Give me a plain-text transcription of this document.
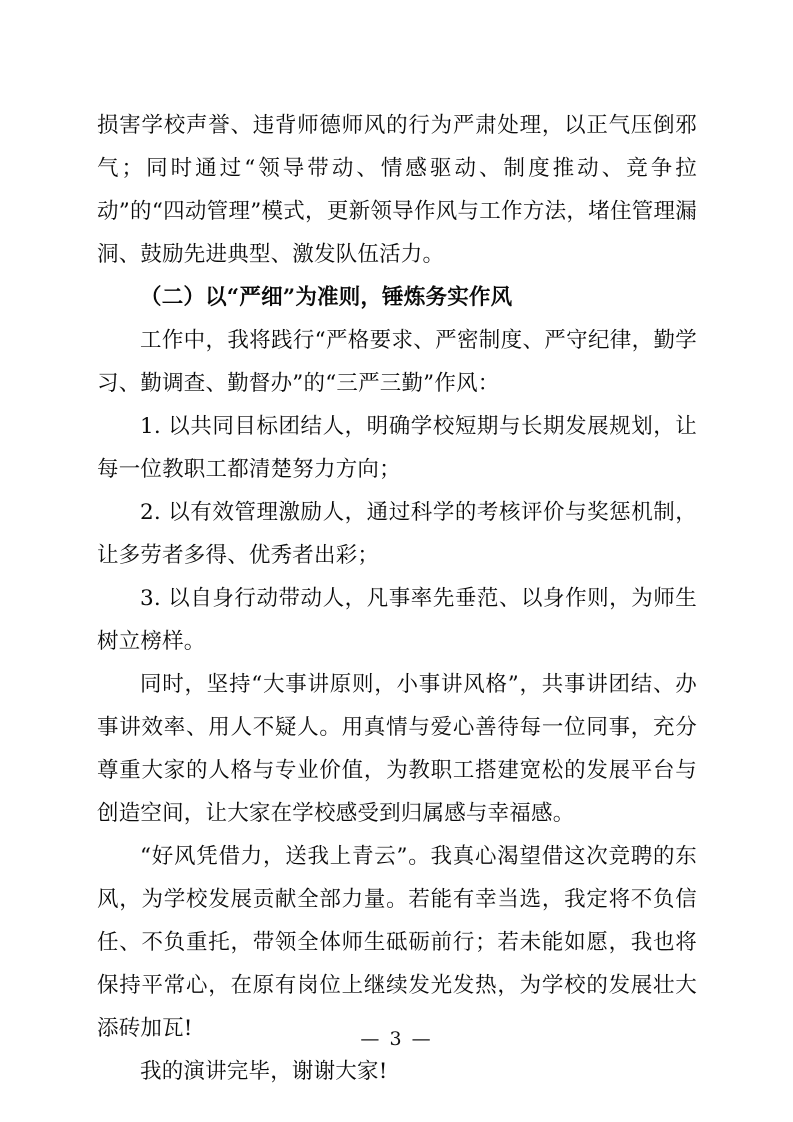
损害学校声誉、违背师德师风的行为严肃处理，以正气压倒邪气；同时通过“领导带动、情感驱动、制度推动、竞争拉动”的“四动管理”模式，更新领导作风与工作方法，堵住管理漏洞、鼓励先进典型、激发队伍活力。

（二）以“严细”为准则，锤炼务实作风

工作中，我将践行“严格要求、严密制度、严守纪律，勤学习、勤调查、勤督办”的“三严三勤”作风：

1. 以共同目标团结人，明确学校短期与长期发展规划，让每一位教职工都清楚努力方向；

2. 以有效管理激励人，通过科学的考核评价与奖惩机制，让多劳者多得、优秀者出彩；

3. 以自身行动带动人，凡事率先垂范、以身作则，为师生树立榜样。

同时，坚持“大事讲原则，小事讲风格”，共事讲团结、办事讲效率、用人不疑人。用真情与爱心善待每一位同事，充分尊重大家的人格与专业价值，为教职工搭建宽松的发展平台与创造空间，让大家在学校感受到归属感与幸福感。

“好风凭借力，送我上青云”。我真心渴望借这次竞聘的东风，为学校发展贡献全部力量。若能有幸当选，我定将不负信任、不负重托，带领全体师生砥砺前行；若未能如愿，我也将保持平常心，在原有岗位上继续发光发热，为学校的发展壮大添砖加瓦!

我的演讲完毕，谢谢大家!

— 3 —
